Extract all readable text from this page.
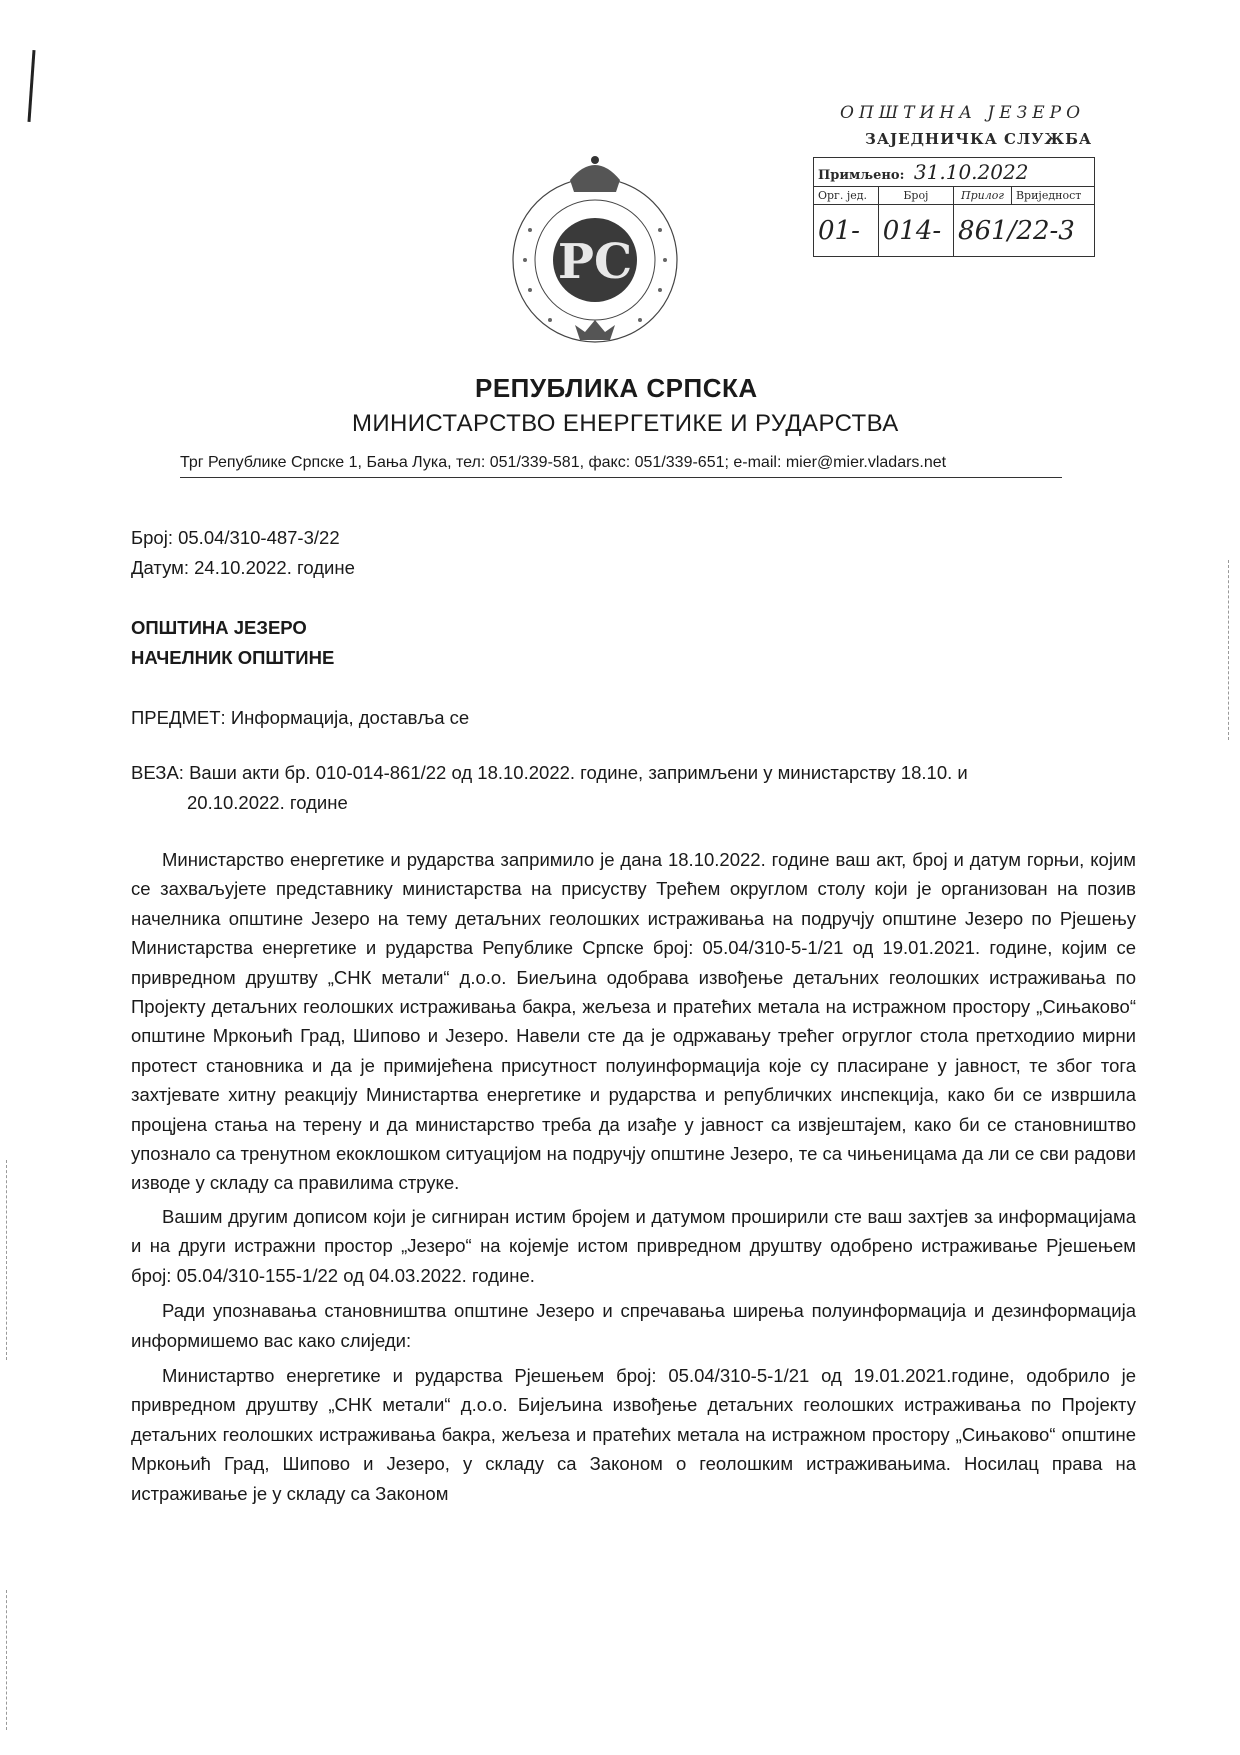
PC
ОПШТИНА ЈЕЗЕРО
ЗАЈЕДНИЧКА СЛУЖБА
Примљено: 31.10.2022			
Орг. јед.	Број	Прилог	Вриједност
01-	014-	861/22-3	
РЕПУБЛИКА СРПСКА
МИНИСТАРСТВО ЕНЕРГЕТИКЕ И РУДАРСТВА
Трг Републике Српске 1, Бања Лука, тел: 051/339-581, факс: 051/339-651; e-mail: mier@mier.vladars.net
Број: 05.04/310-487-3/22
Датум: 24.10.2022. године
ОПШТИНА ЈЕЗЕРО
НАЧЕЛНИК ОПШТИНЕ
ПРЕДМЕТ: Информација, доставља се
ВЕЗА: Ваши акти бр. 010-014-861/22 од 18.10.2022. године, запримљени у министарству 18.10. и
20.10.2022. године

Министарство енергетике и рударства запримило је дана 18.10.2022. године ваш акт, број и датум горњи, којим се захваљујете представнику министарства на присуству Трећем округлом столу који је организован на позив начелника општине Језеро на тему детаљних геолошких истраживања на подручју општине Језеро по Рјешењу Министарства енергетике и рударства Републике Српске број: 05.04/310-5-1/21 од 19.01.2021. године, којим се привредном друштву „СНК метали“ д.о.о. Биељина одобрава извођење детаљних геолошких истраживања по Пројекту детаљних геолошких истраживања бакра, жељеза и пратећих метала на истражном простору „Сињаково“ општине Мркоњић Град, Шипово и Језеро. Навели сте да је одржавању трећег огруглог стола претходиио мирни протест становника и да је примијећена присутност полуинформација које су пласиране у јавност, те због тога захтјевате хитну реакцију Министартва енергетике и рударства и републичких инспекција, како би се извршила процјена стања на терену и да министарство треба да изађе у јавност са извјештајем, како би се становништво упознало са тренутном екоклошком ситуацијом на подручју општине Језеро, те са чињеницама да ли се сви радови изводе у складу са правилима струке.

Вашим другим дописом који је сигниран истим бројем и датумом проширили сте ваш захтјев за информацијама и на други истражни простор „Језеро“ на којемје истом привредном друштву одобрено истраживање Рјешењем број: 05.04/310-155-1/22 од 04.03.2022. године.

Ради упознавања становништва општине Језеро и спречавања ширења полуинформација и дезинформација информишемо вас како слиједи:

Министартво енергетике и рударства Рјешењем број: 05.04/310-5-1/21 од 19.01.2021.године, одобрило је привредном друштву „СНК метали“ д.о.о. Бијељина извођење детаљних геолошких истраживања по Пројекту детаљних геолошких истраживања бакра, жељеза и пратећих метала на истражном простору „Сињаково“ општине Мркоњић Град, Шипово и Језеро, у складу са Законом о геолошким истраживањима. Носилац права на истраживање је у складу са Законом
